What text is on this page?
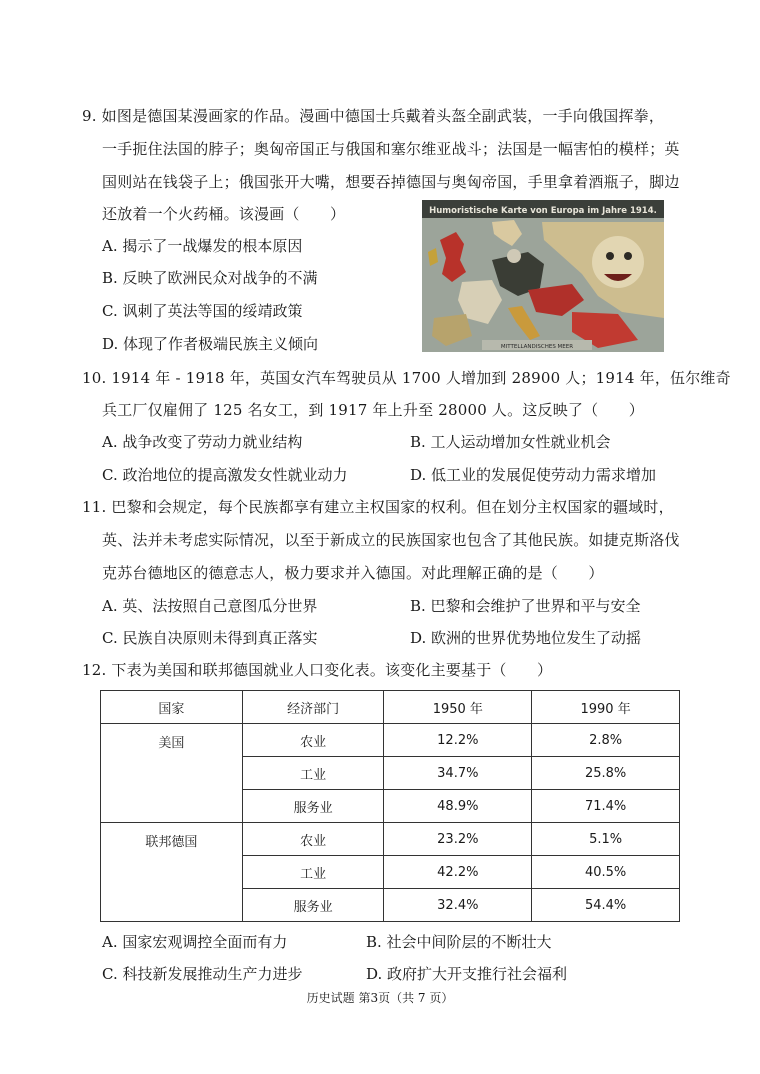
9. 如图是德国某漫画家的作品。漫画中德国士兵戴着头盔全副武装，一手向俄国挥拳，
一手扼住法国的脖子；奥匈帝国正与俄国和塞尔维亚战斗；法国是一幅害怕的模样；英
国则站在钱袋子上；俄国张开大嘴，想要吞掉德国与奥匈帝国，手里拿着酒瓶子，脚边
还放着一个火药桶。该漫画（　　）
A. 揭示了一战爆发的根本原因
B. 反映了欧洲民众对战争的不满
C. 讽刺了英法等国的绥靖政策
D. 体现了作者极端民族主义倾向
Humoristische Karte von Europa im Jahre 1914.
MITTELLANDISCHES MEER
10. 1914 年 - 1918 年，英国女汽车驾驶员从 1700 人增加到 28900 人；1914 年，伍尔维奇
兵工厂仅雇佣了 125 名女工，到 1917 年上升至 28000 人。这反映了（　　）
A. 战争改变了劳动力就业结构	B. 工人运动增加女性就业机会
C. 政治地位的提高激发女性就业动力	D. 低工业的发展促使劳动力需求增加
11. 巴黎和会规定，每个民族都享有建立主权国家的权利。但在划分主权国家的疆域时，
英、法并未考虑实际情况，以至于新成立的民族国家也包含了其他民族。如捷克斯洛伐
克苏台德地区的德意志人，极力要求并入德国。对此理解正确的是（　　）
A. 英、法按照自己意图瓜分世界	B. 巴黎和会维护了世界和平与安全
C. 民族自决原则未得到真正落实	D. 欧洲的世界优势地位发生了动摇
12. 下表为美国和联邦德国就业人口变化表。该变化主要基于（　　）
国家	经济部门	1950 年	1990 年
美国	农业	12.2%	2.8%
	工业	34.7%	25.8%
	服务业	48.9%	71.4%
联邦德国	农业	23.2%	5.1%
	工业	42.2%	40.5%
	服务业	32.4%	54.4%
A. 国家宏观调控全面而有力	B. 社会中间阶层的不断壮大
C. 科技新发展推动生产力进步	D. 政府扩大开支推行社会福利
历史试题 第3页（共 7 页）
